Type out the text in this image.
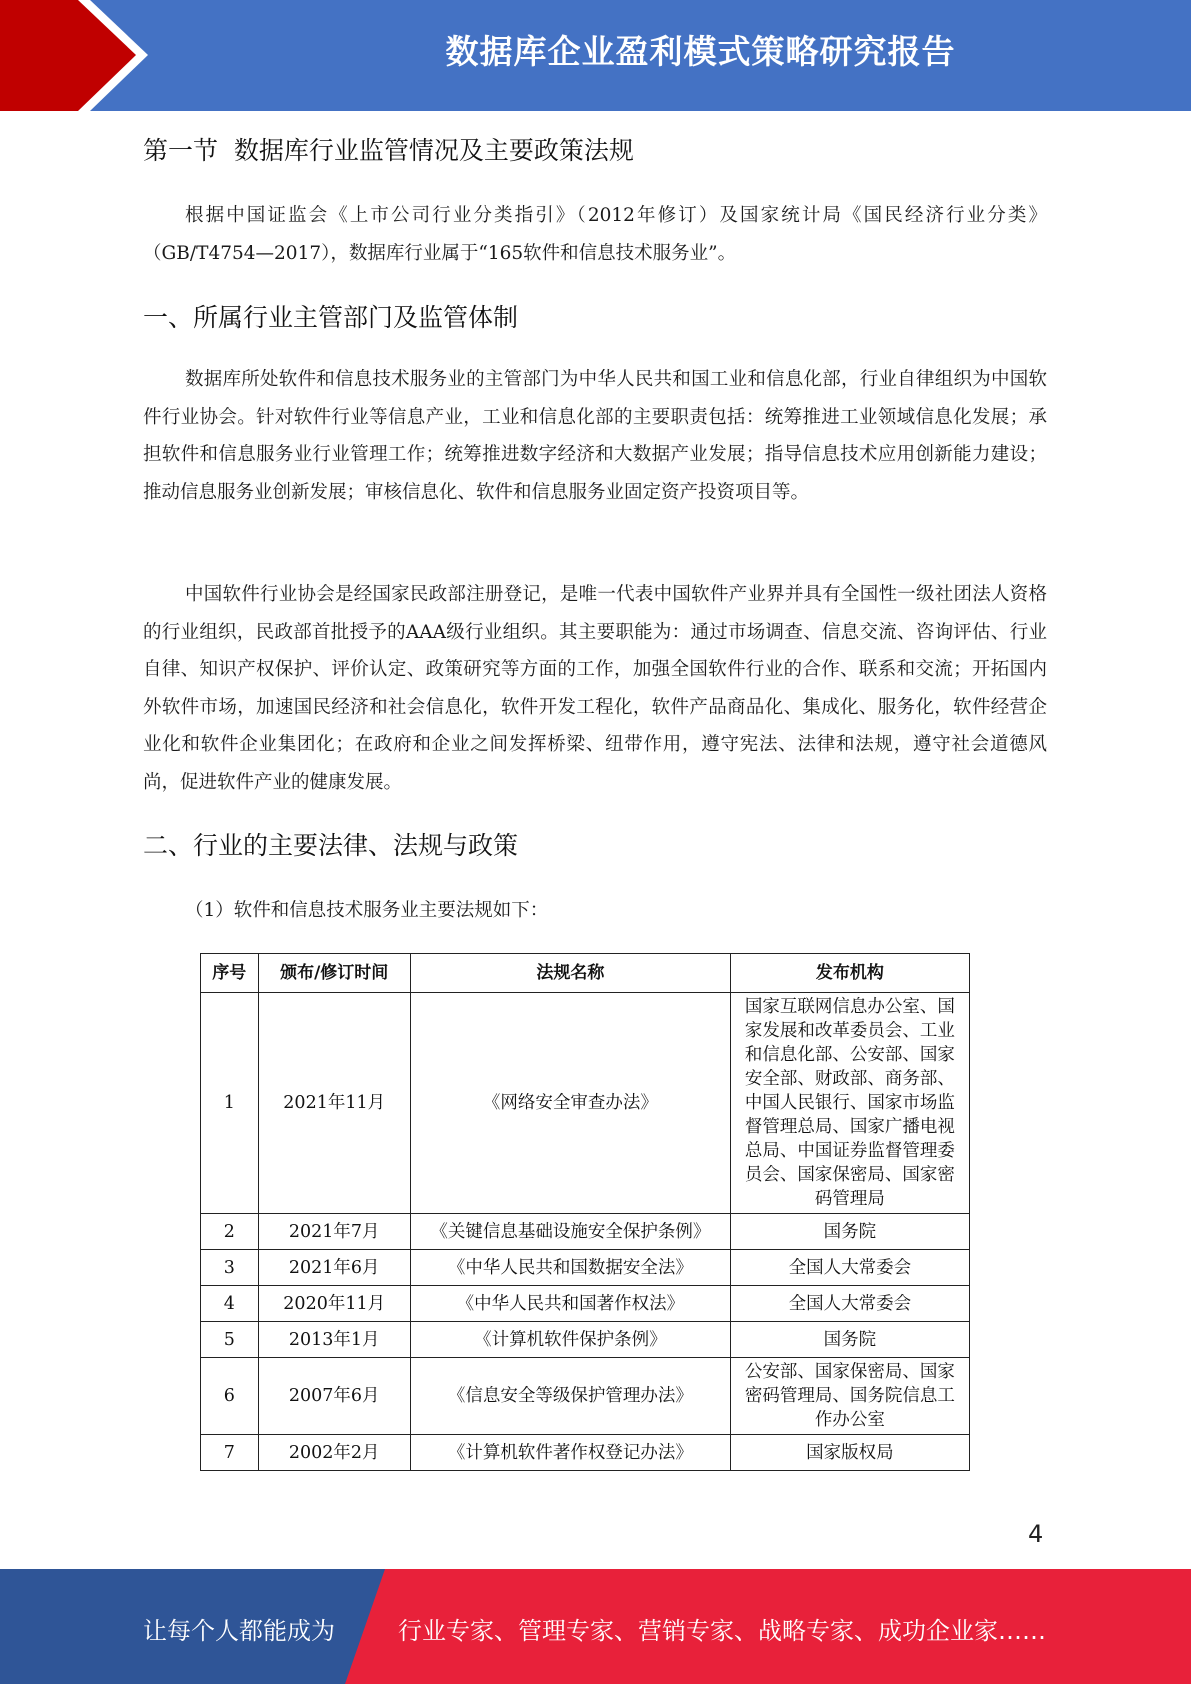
数据库企业盈利模式策略研究报告
第一节  数据库行业监管情况及主要政策法规
根据中国证监会《上市公司行业分类指引》（2012年修订）及国家统计局《国民经济行业分类》（GB/T4754—2017），数据库行业属于“165软件和信息技术服务业”。
一、所属行业主管部门及监管体制
数据库所处软件和信息技术服务业的主管部门为中华人民共和国工业和信息化部，行业自律组织为中国软件行业协会。针对软件行业等信息产业，工业和信息化部的主要职责包括：统筹推进工业领域信息化发展；承担软件和信息服务业行业管理工作；统筹推进数字经济和大数据产业发展；指导信息技术应用创新能力建设；推动信息服务业创新发展；审核信息化、软件和信息服务业固定资产投资项目等。
中国软件行业协会是经国家民政部注册登记，是唯一代表中国软件产业界并具有全国性一级社团法人资格的行业组织，民政部首批授予的AAA级行业组织。其主要职能为：通过市场调查、信息交流、咨询评估、行业自律、知识产权保护、评价认定、政策研究等方面的工作，加强全国软件行业的合作、联系和交流；开拓国内外软件市场，加速国民经济和社会信息化，软件开发工程化，软件产品商品化、集成化、服务化，软件经营企业化和软件企业集团化；在政府和企业之间发挥桥梁、纽带作用，遵守宪法、法律和法规，遵守社会道德风尚，促进软件产业的健康发展。
二、行业的主要法律、法规与政策
（1）软件和信息技术服务业主要法规如下：
序号	颁布/修订时间	法规名称	发布机构
1	2021年11月	《网络安全审查办法》	国家互联网信息办公室、国家发展和改革委员会、工业和信息化部、公安部、国家安全部、财政部、商务部、中国人民银行、国家市场监督管理总局、国家广播电视总局、中国证券监督管理委员会、国家保密局、国家密码管理局
2	2021年7月	《关键信息基础设施安全保护条例》	国务院
3	2021年6月	《中华人民共和国数据安全法》	全国人大常委会
4	2020年11月	《中华人民共和国著作权法》	全国人大常委会
5	2013年1月	《计算机软件保护条例》	国务院
6	2007年6月	《信息安全等级保护管理办法》	公安部、国家保密局、国家密码管理局、国务院信息工作办公室
7	2002年2月	《计算机软件著作权登记办法》	国家版权局
4
让每个人都能成为	行业专家、管理专家、营销专家、战略专家、成功企业家……
